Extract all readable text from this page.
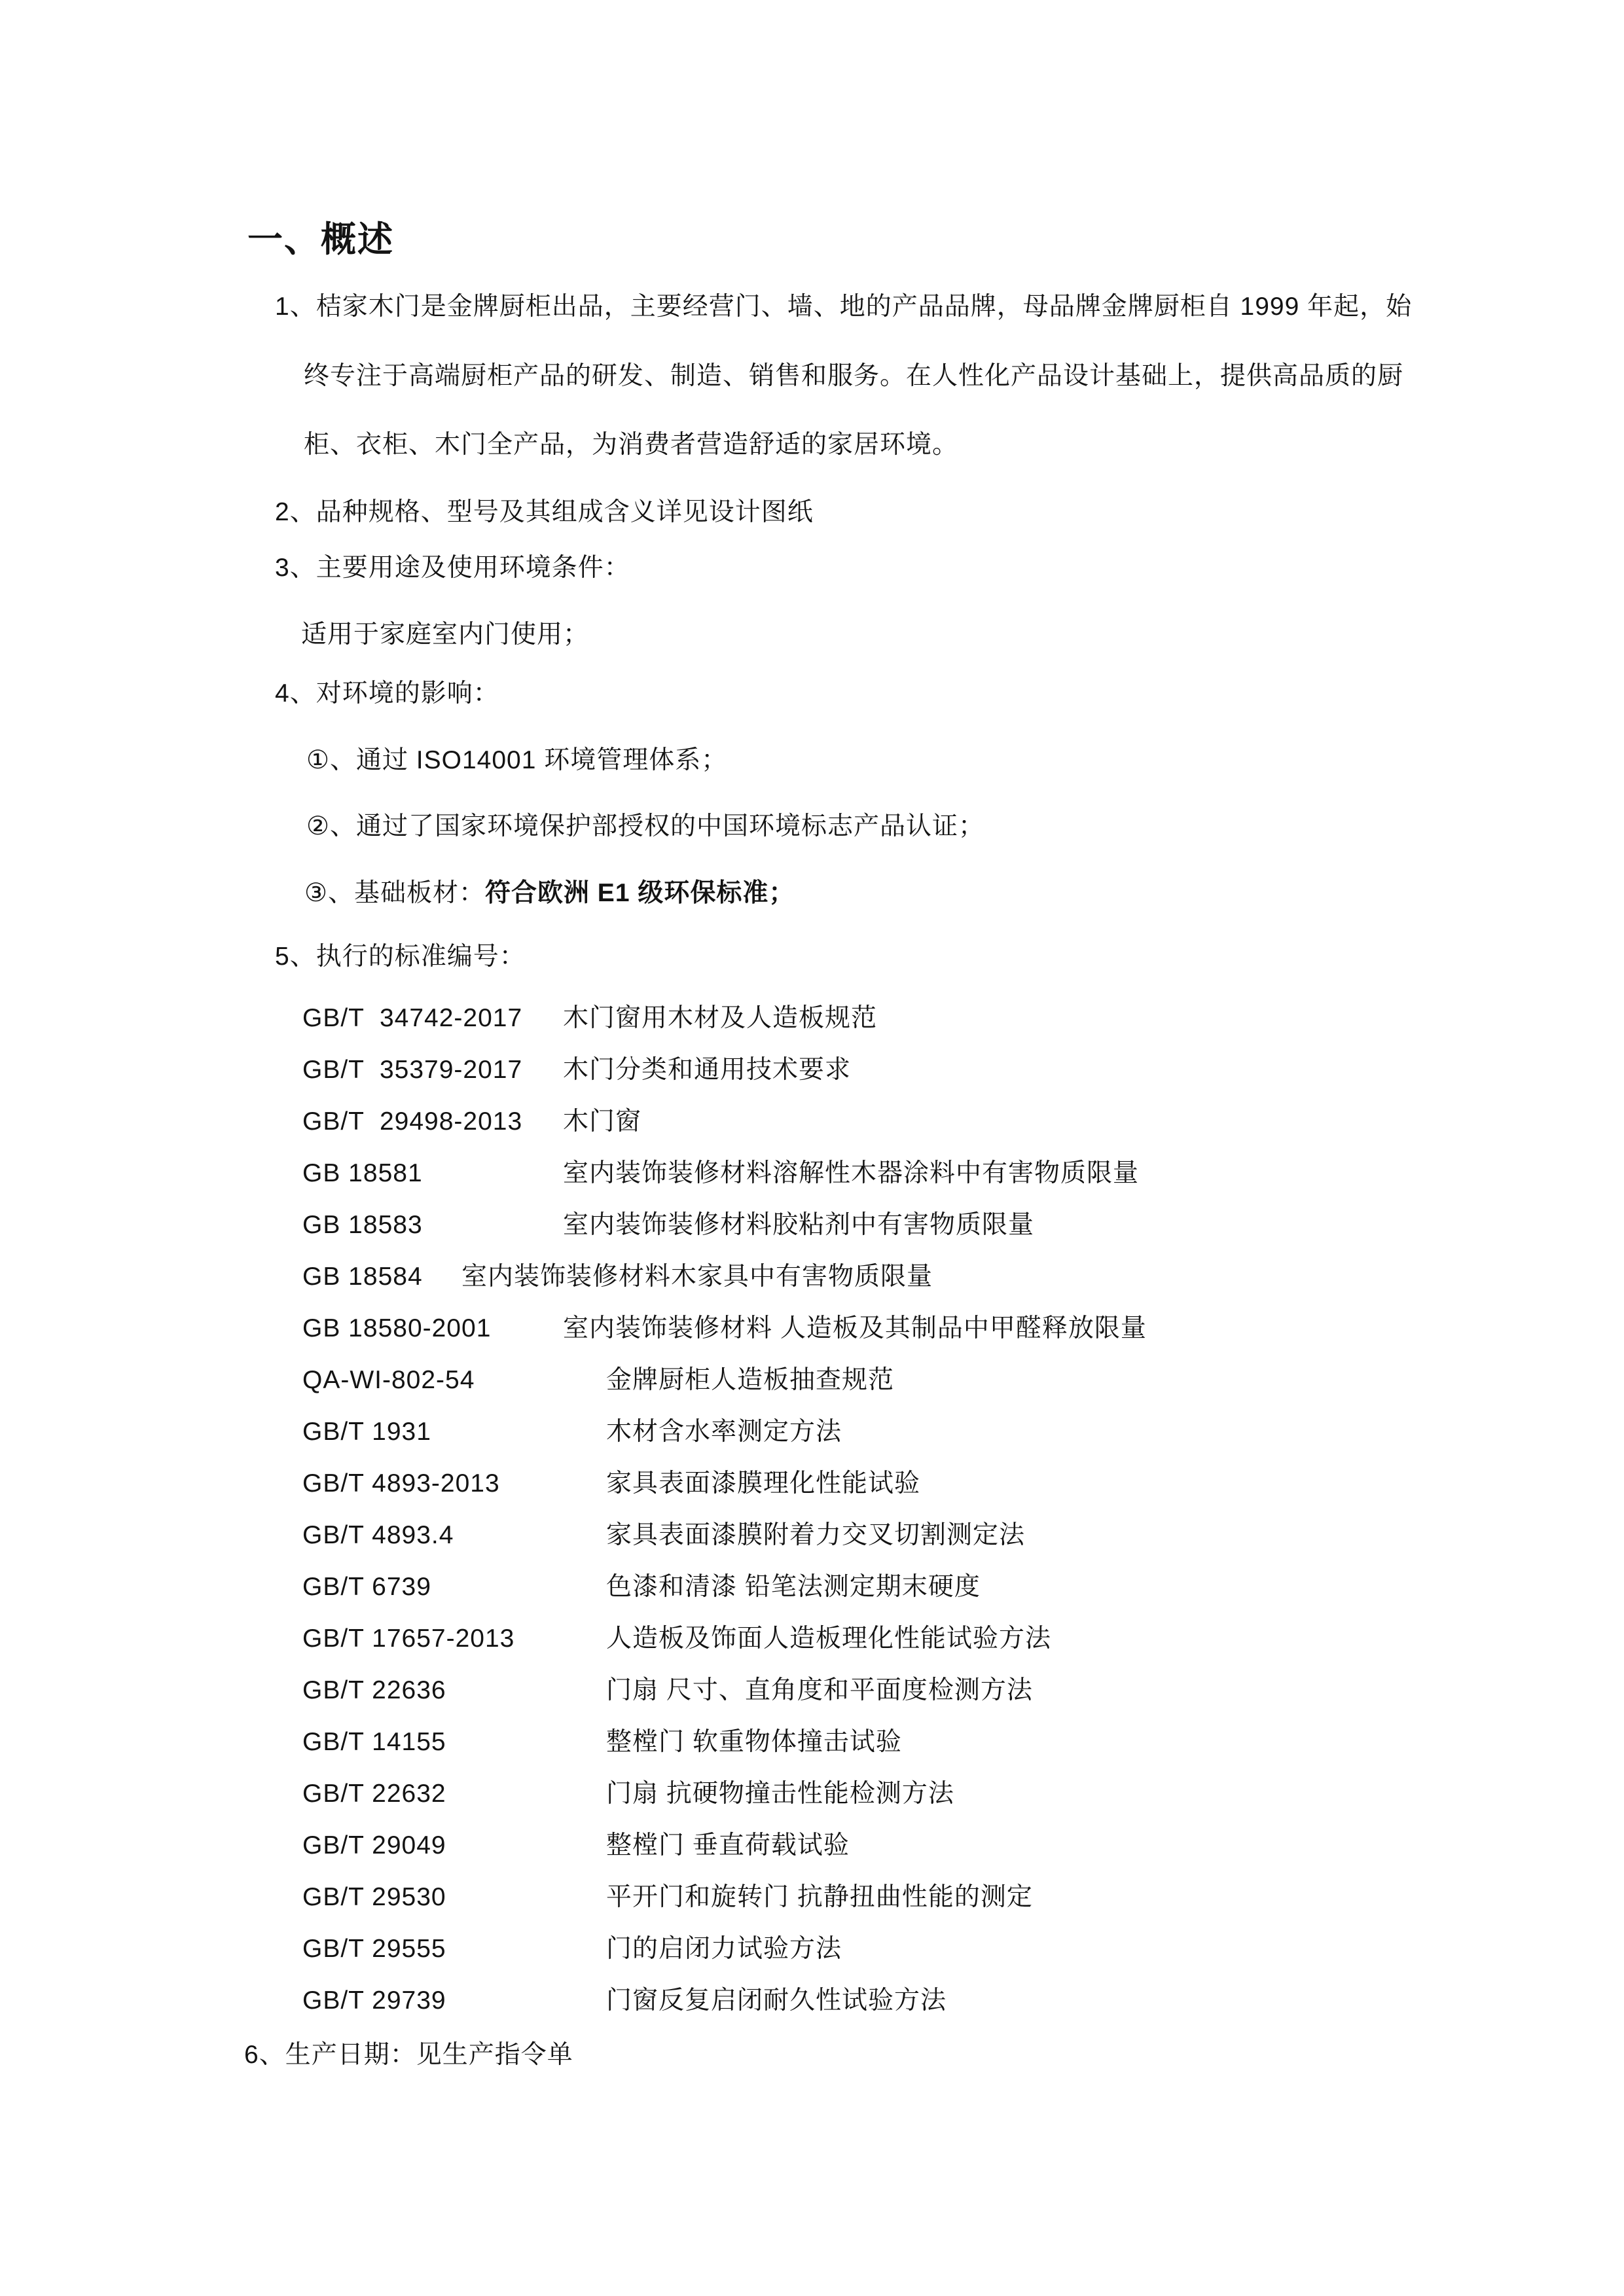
一、概述
1、桔家木门是金牌厨柜出品，主要经营门、墙、地的产品品牌，母品牌金牌厨柜自 1999 年起，始
终专注于高端厨柜产品的研发、制造、销售和服务。在人性化产品设计基础上，提供高品质的厨
柜、衣柜、木门全产品，为消费者营造舒适的家居环境。
2、品种规格、型号及其组成含义详见设计图纸
3、主要用途及使用环境条件：
适用于家庭室内门使用；
4、对环境的影响：
①、通过 ISO14001 环境管理体系；
②、通过了国家环境保护部授权的中国环境标志产品认证；
③、基础板材：符合欧洲 E1 级环保标准；
5、执行的标准编号：
GB/T  34742-2017 木门窗用木材及人造板规范
GB/T  35379-2017 木门分类和通用技术要求
GB/T  29498-2013 木门窗
GB 18581	室内装饰装修材料溶解性木器涂料中有害物质限量
GB 18583	室内装饰装修材料胶粘剂中有害物质限量
GB 18584 室内装饰装修材料木家具中有害物质限量
GB 18580-2001	室内装饰装修材料 人造板及其制品中甲醛释放限量
QA-WI-802-54	金牌厨柜人造板抽查规范
GB/T 1931	木材含水率测定方法
GB/T 4893-2013	家具表面漆膜理化性能试验
GB/T 4893.4	家具表面漆膜附着力交叉切割测定法
GB/T 6739	色漆和清漆 铅笔法测定期末硬度
GB/T 17657-2013	人造板及饰面人造板理化性能试验方法
GB/T 22636	门扇 尺寸、直角度和平面度检测方法
GB/T 14155	整樘门 软重物体撞击试验
GB/T 22632	门扇 抗硬物撞击性能检测方法
GB/T 29049	整樘门 垂直荷载试验
GB/T 29530	平开门和旋转门 抗静扭曲性能的测定
GB/T 29555	门的启闭力试验方法
GB/T 29739	门窗反复启闭耐久性试验方法
6、生产日期：见生产指令单
